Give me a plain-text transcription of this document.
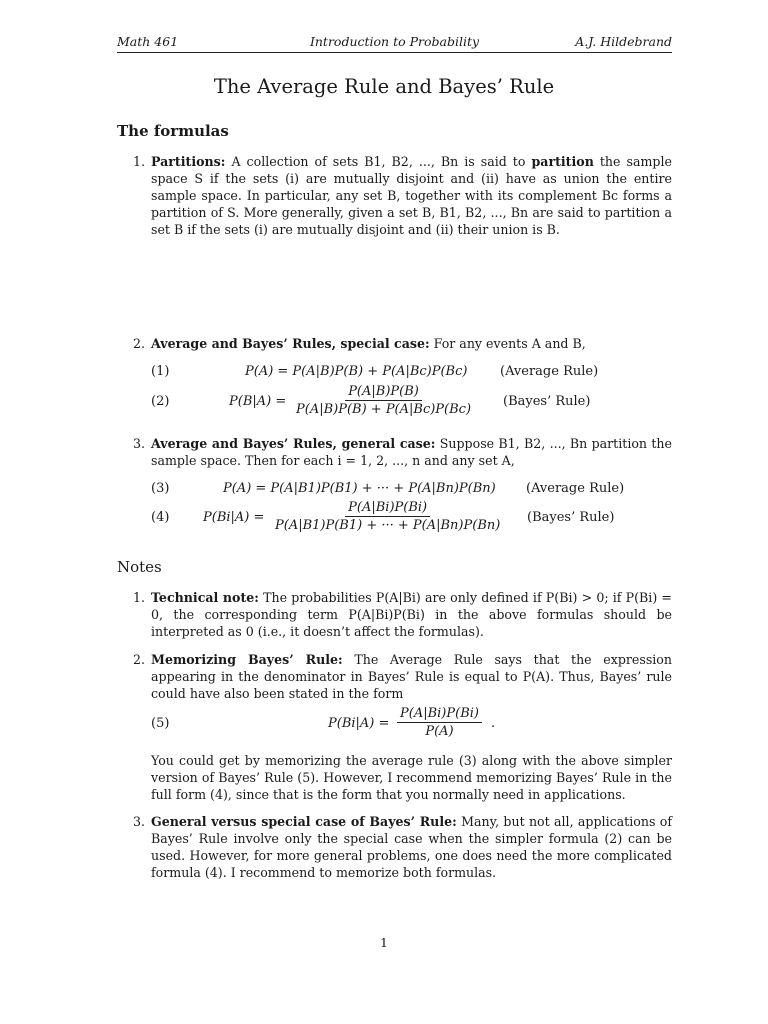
Math 461	Introduction to Probability	A.J. Hildebrand
The Average Rule and Bayes’ Rule
The formulas
1. Partitions: A collection of sets B1, B2, ..., Bn is said to partition the sample space S if the sets (i) are mutually disjoint and (ii) have as union the entire sample space. In particular, any set B, together with its complement Bc forms a partition of S. More generally, given a set B, B1, B2, ..., Bn are said to partition a set B if the sets (i) are mutually disjoint and (ii) their union is B.
2. Average and Bayes’ Rules, special case: For any events A and B,
(1)	P(A) = P(A|B)P(B) + P(A|Bc)P(Bc)	(Average Rule)
(2)	$P(B|A) = \frac{P(A|B)P(B)}{P(A|B)P(B) + P(A|Bc)P(Bc)}$ (Bayes’ Rule)
3. Average and Bayes’ Rules, general case: Suppose B1, B2, ..., Bn partition the sample space. Then for each i = 1, 2, ..., n and any set A,
(3)	P(A) = P(A|B1)P(B1) + ··· + P(A|Bn)P(Bn) (Average Rule)
(4)	$P(Bi|A) = \frac{P(A|Bi)P(Bi)}{P(A|B1)P(B1) + \cdot\cdot\cdot + P(A|Bn)P(Bn)}$ (Bayes’ Rule)
Notes
1. Technical note: The probabilities P(A|Bi) are only defined if P(Bi) > 0; if P(Bi) = 0, the corresponding term P(A|Bi)P(Bi) in the above formulas should be interpreted as 0 (i.e., it doesn’t affect the formulas).
2. Memorizing Bayes’ Rule: The Average Rule says that the expression appearing in the denominator in Bayes’ Rule is equal to P(A). Thus, Bayes’ rule could have also been stated in the form
(5)	$P(Bi|A) = \frac{P(A|Bi)P(Bi)}{P(A)}$ .
You could get by memorizing the average rule (3) along with the above simpler version of Bayes’ Rule (5). However, I recommend memorizing Bayes’ Rule in the full form (4), since that is the form that you normally need in applications.
3. General versus special case of Bayes’ Rule: Many, but not all, applications of Bayes’ Rule involve only the special case when the simpler formula (2) can be used. However, for more general problems, one does need the more complicated formula (4). I recommend to memorize both formulas.
1
